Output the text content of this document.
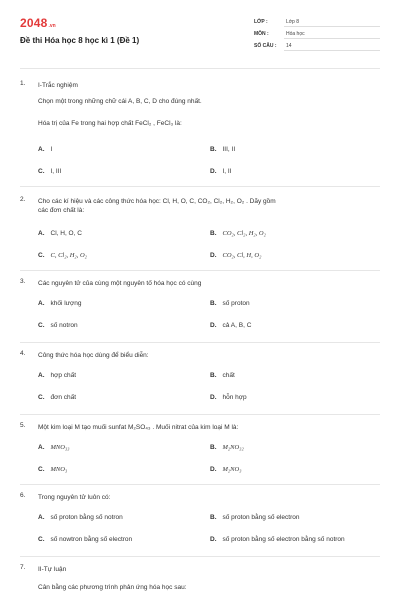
2048 .vn
Đề thi Hóa học 8 học kì 1 (Đề 1)
LỚP :	Lớp 8
MÔN :	Hóa học
SỐ CÂU : 14
1. I-Trắc nghiệm
Chọn một trong những chữ cái A, B, C, D cho đúng nhất.
Hóa trị của Fe trong hai hợp chất FeCl₂ , FeCl₃ là:
A. I	B. III, II
C. I, III	D. I, II
2. Cho các kí hiệu và các công thức hóa học: Cl, H, O, C, CO₂, Cl₂, H₂, O₂ . Dãy gồm
các đơn chất là:
A. Cl, H, O, C	B. CO₂, Cl₂, H₂, O₂
C. C, Cl₂, H₂, O₂	D. CO₂, Cl, H, O₂
3. Các nguyên tử của cùng một nguyên tố hóa học có cùng
A. khối lượng	B. số proton
C. số notron	D. cả A, B, C
4. Công thức hóa học dùng để biểu diễn:
A. hợp chất	B. chất
C. đơn chất	D. hỗn hợp
5. Một kim loại M tạo muối sunfat M₂SO₄₃ . Muối nitrat của kim loại M là:
A. MNO₃₃	B. M₂NO₃₂
C. MNO₃	D. M₂NO₃
6. Trong nguyên tử luôn có:
A. số proton bằng số notron	B. số proton bằng số electron
C. số nowtron bằng số electron	D. số proton bằng số electron bằng số notron
7. II-Tự luận
Cân bằng các phương trình phản ứng hóa học sau:
